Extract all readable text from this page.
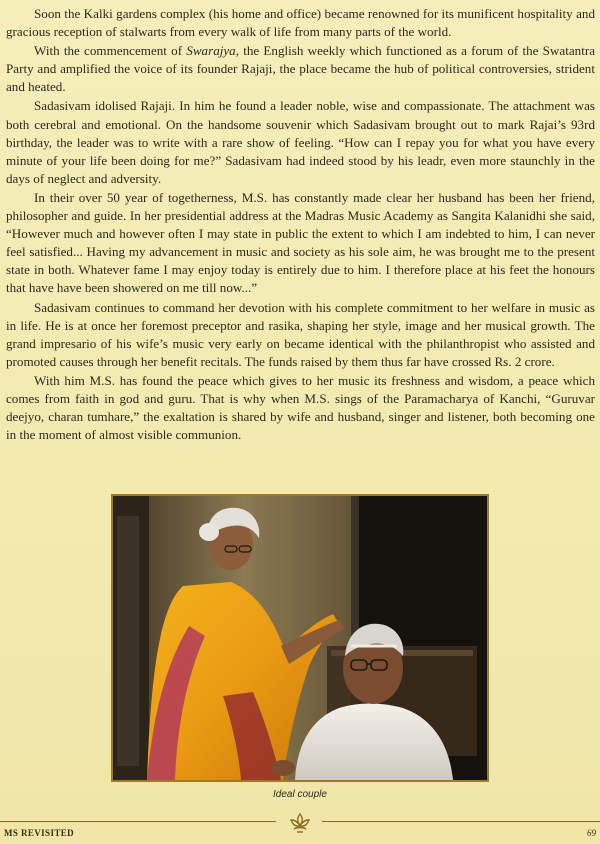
Soon the Kalki gardens complex (his home and office) became renowned for its munificent hospitality and gracious reception of stalwarts from every walk of life from many parts of the world.

With the commencement of Swarajya, the English weekly which functioned as a forum of the Swatantra Party and amplified the voice of its founder Rajaji, the place became the hub of political controversies, strident and heated.

Sadasivam idolised Rajaji. In him he found a leader noble, wise and compassionate. The attachment was both cerebral and emotional. On the handsome souvenir which Sadasivam brought out to mark Rajai’s 93rd birthday, the leader was to write with a rare show of feeling. “How can I repay you for what you have every minute of your life been doing for me?” Sadasivam had indeed stood by his leadr, even more staunchly in the days of neglect and adversity.

In their over 50 year of togetherness, M.S. has constantly made clear her husband has been her friend, philosopher and guide. In her presidential address at the Madras Music Academy as Sangita Kalanidhi she said, “However much and however often I may state in public the extent to which I am indebted to him, I can never feel satisfied... Having my advancement in music and society as his sole aim, he was brought me to the present state in both. Whatever fame I may enjoy today is entirely due to him. I therefore place at his feet the honours that have have been showered on me till now...”

Sadasivam continues to command her devotion with his complete commitment to her welfare in music as in life. He is at once her foremost preceptor and rasika, shaping her style, image and her musical growth. The grand impresario of his wife’s music very early on became identical with the philanthropist who assisted and promoted causes through her benefit recitals. The funds raised by them thus far have crossed Rs. 2 crore.

With him M.S. has found the peace which gives to her music its freshness and wisdom, a peace which comes from faith in god and guru. That is why when M.S. sings of the Paramacharya of Kanchi, “Guruvar deejyo, charan tumhare,” the exaltation is shared by wife and husband, singer and listener, both becoming one in the moment of almost visible communion.

Ideal couple
MS REVISITED	69
